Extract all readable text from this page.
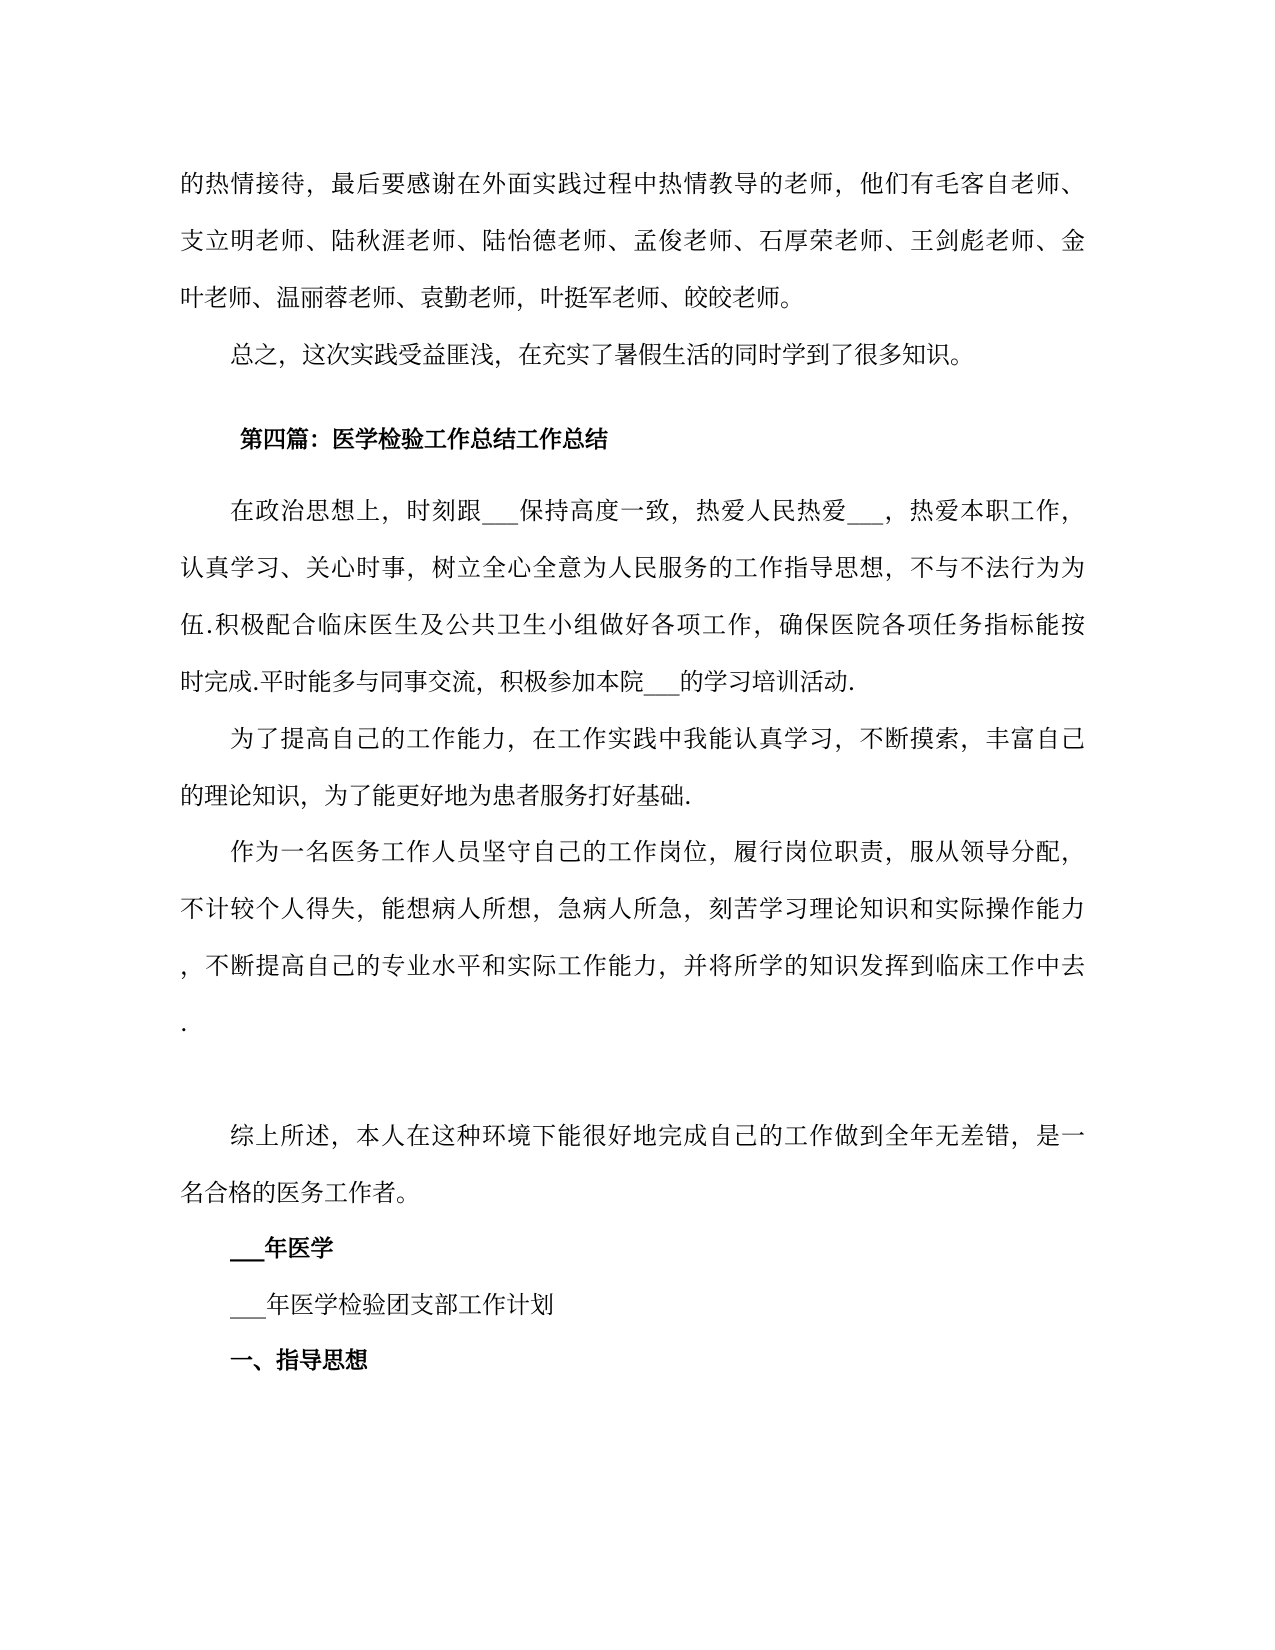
的热情接待，最后要感谢在外面实践过程中热情教导的老师，他们有毛客自老师、
支立明老师、陆秋涯老师、陆怡德老师、孟俊老师、石厚荣老师、王剑彪老师、金
叶老师、温丽蓉老师、袁勤老师，叶挺军老师、皎皎老师。
总之，这次实践受益匪浅，在充实了暑假生活的同时学到了很多知识。
第四篇：医学检验工作总结工作总结
在政治思想上，时刻跟___保持高度一致，热爱人民热爱___，热爱本职工作，
认真学习、关心时事，树立全心全意为人民服务的工作指导思想，不与不法行为为
伍.积极配合临床医生及公共卫生小组做好各项工作，确保医院各项任务指标能按
时完成.平时能多与同事交流，积极参加本院___的学习培训活动.
为了提高自己的工作能力，在工作实践中我能认真学习，不断摸索，丰富自己
的理论知识，为了能更好地为患者服务打好基础.
作为一名医务工作人员坚守自己的工作岗位，履行岗位职责，服从领导分配，
不计较个人得失，能想病人所想，急病人所急，刻苦学习理论知识和实际操作能力
，不断提高自己的专业水平和实际工作能力，并将所学的知识发挥到临床工作中去
.
综上所述，本人在这种环境下能很好地完成自己的工作做到全年无差错，是一
名合格的医务工作者。
___年医学
___年医学检验团支部工作计划
一、指导思想
